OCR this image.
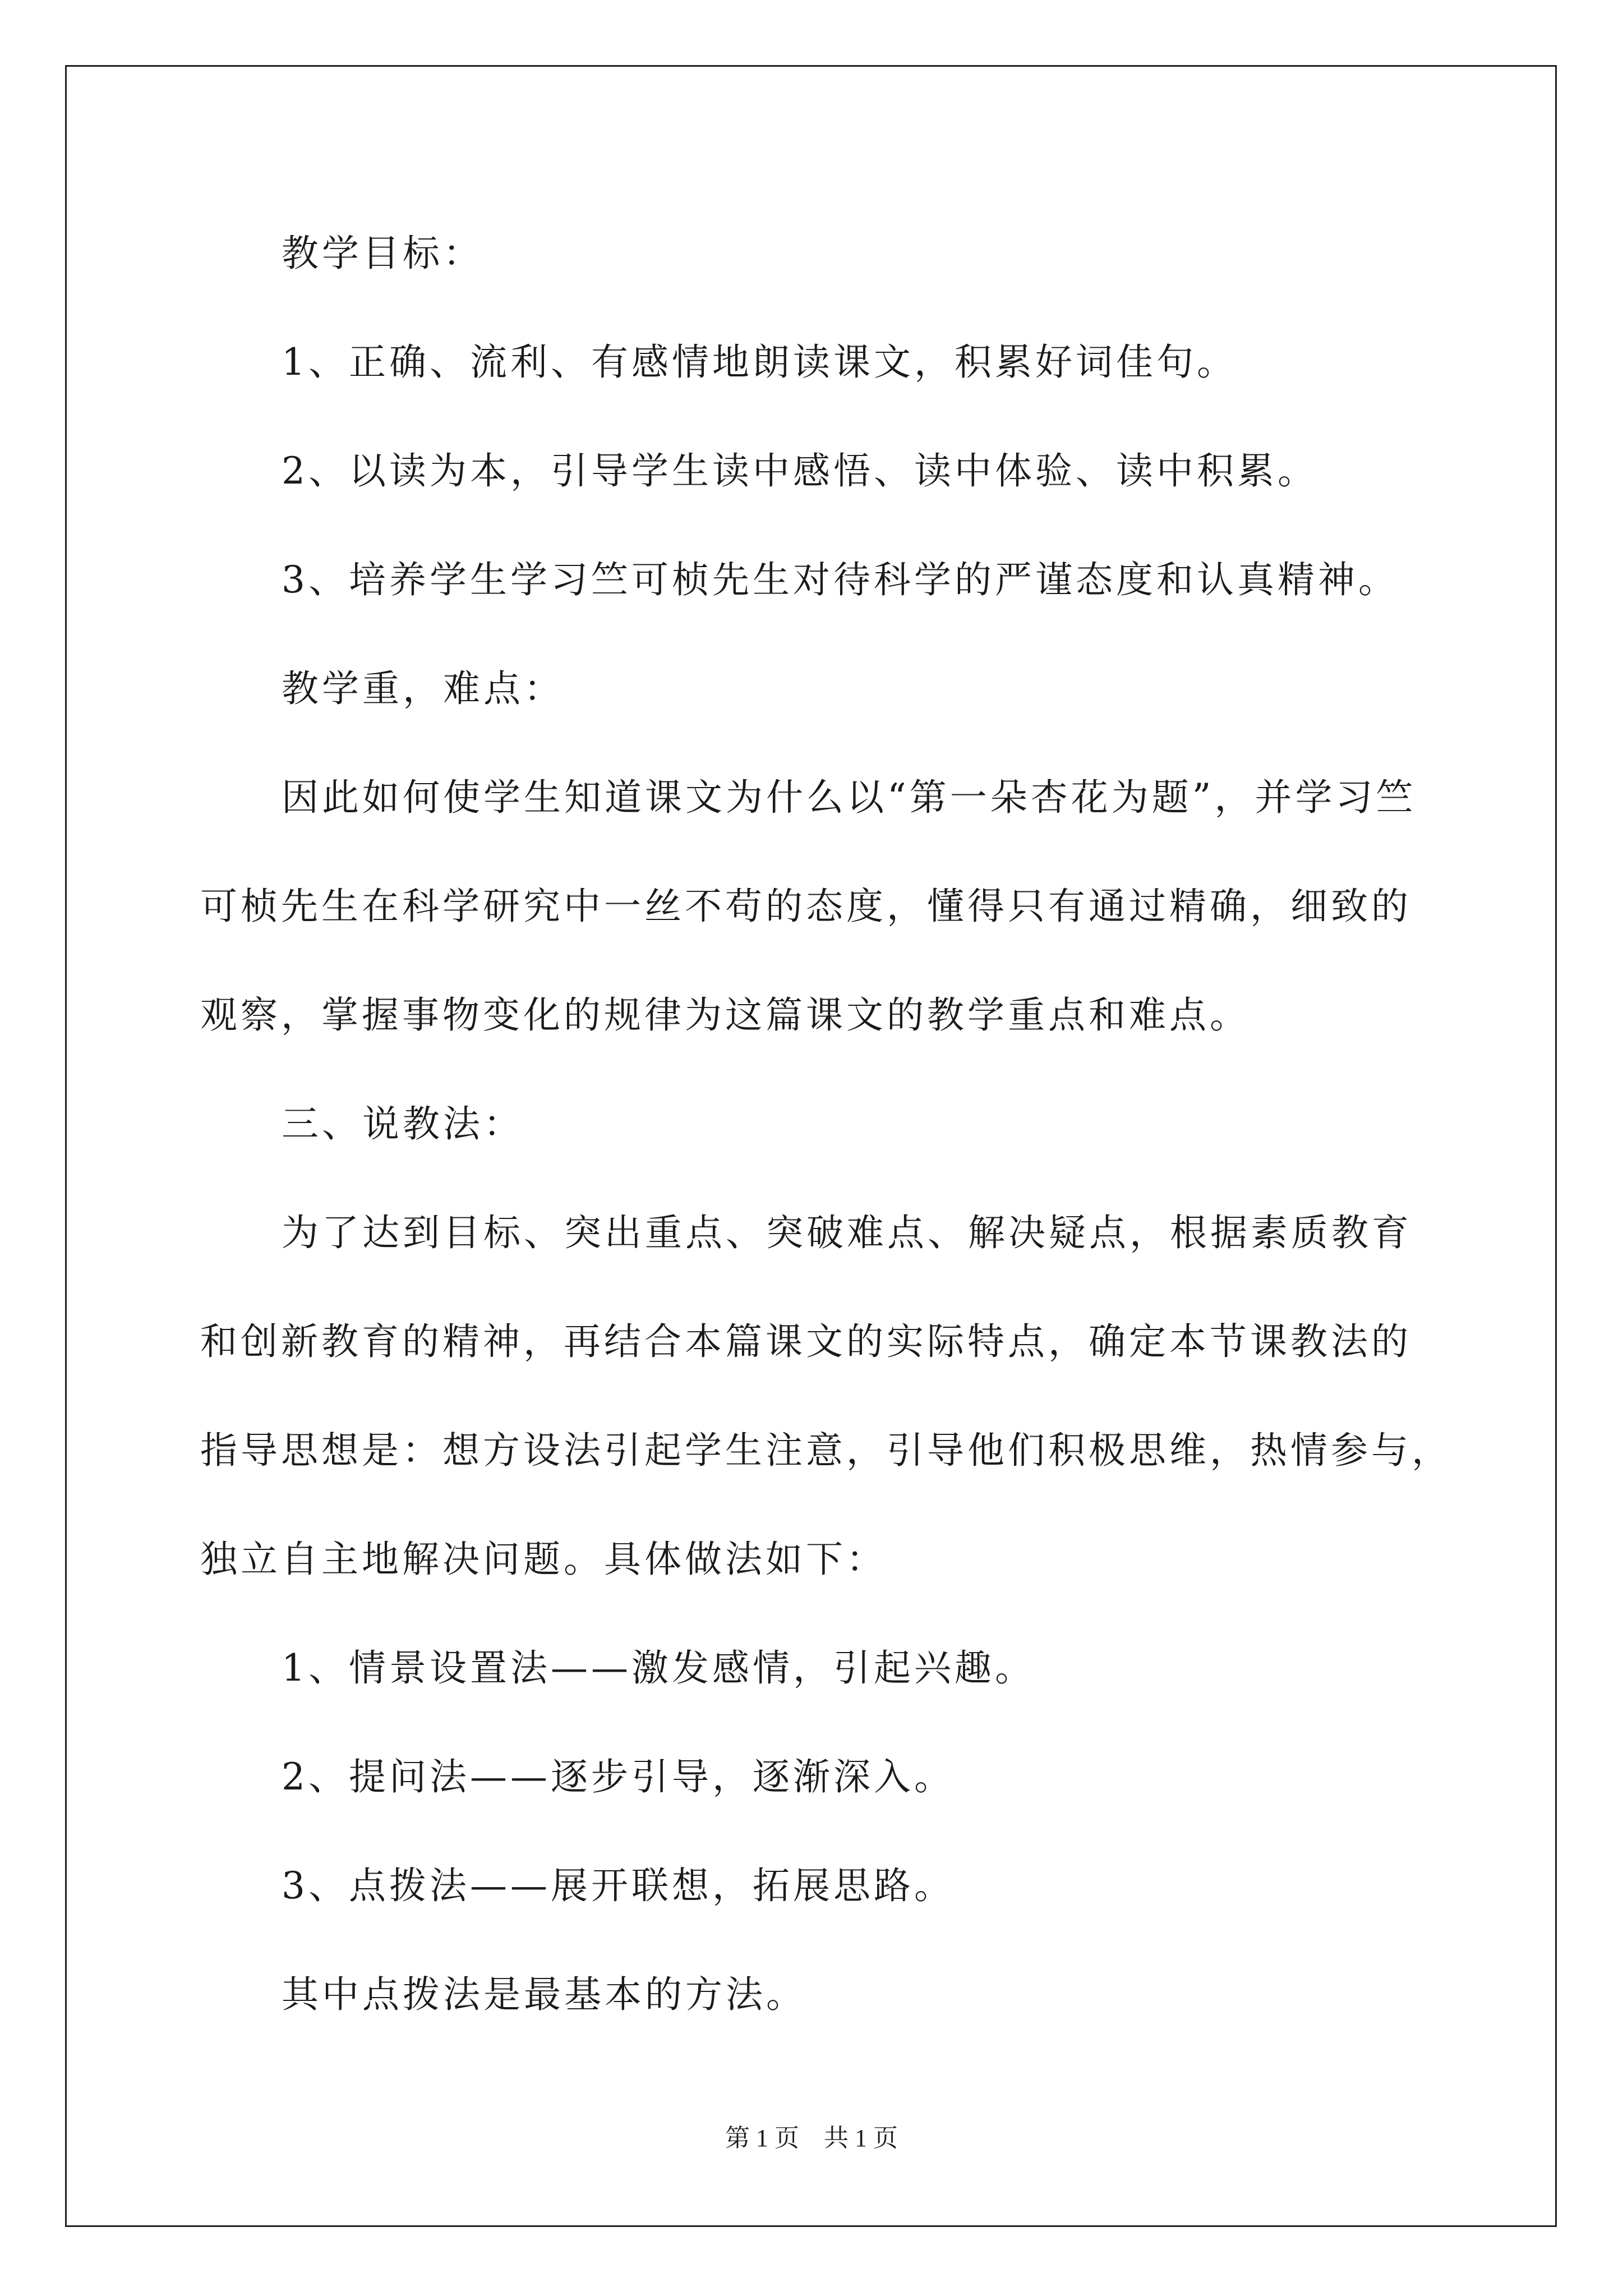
教学目标：

1、正确、流利、有感情地朗读课文，积累好词佳句。

2、以读为本，引导学生读中感悟、读中体验、读中积累。

3、培养学生学习竺可桢先生对待科学的严谨态度和认真精神。

教学重，难点：

因此如何使学生知道课文为什么以“第一朵杏花为题”，并学习竺

可桢先生在科学研究中一丝不苟的态度，懂得只有通过精确，细致的

观察，掌握事物变化的规律为这篇课文的教学重点和难点。

三、说教法：

为了达到目标、突出重点、突破难点、解决疑点，根据素质教育

和创新教育的精神，再结合本篇课文的实际特点，确定本节课教法的

指导思想是：想方设法引起学生注意，引导他们积极思维，热情参与，

独立自主地解决问题。具体做法如下：

1、情景设置法——激发感情，引起兴趣。

2、提问法——逐步引导，逐渐深入。

3、点拨法——展开联想，拓展思路。

其中点拨法是最基本的方法。

第 1 页    共 1 页
